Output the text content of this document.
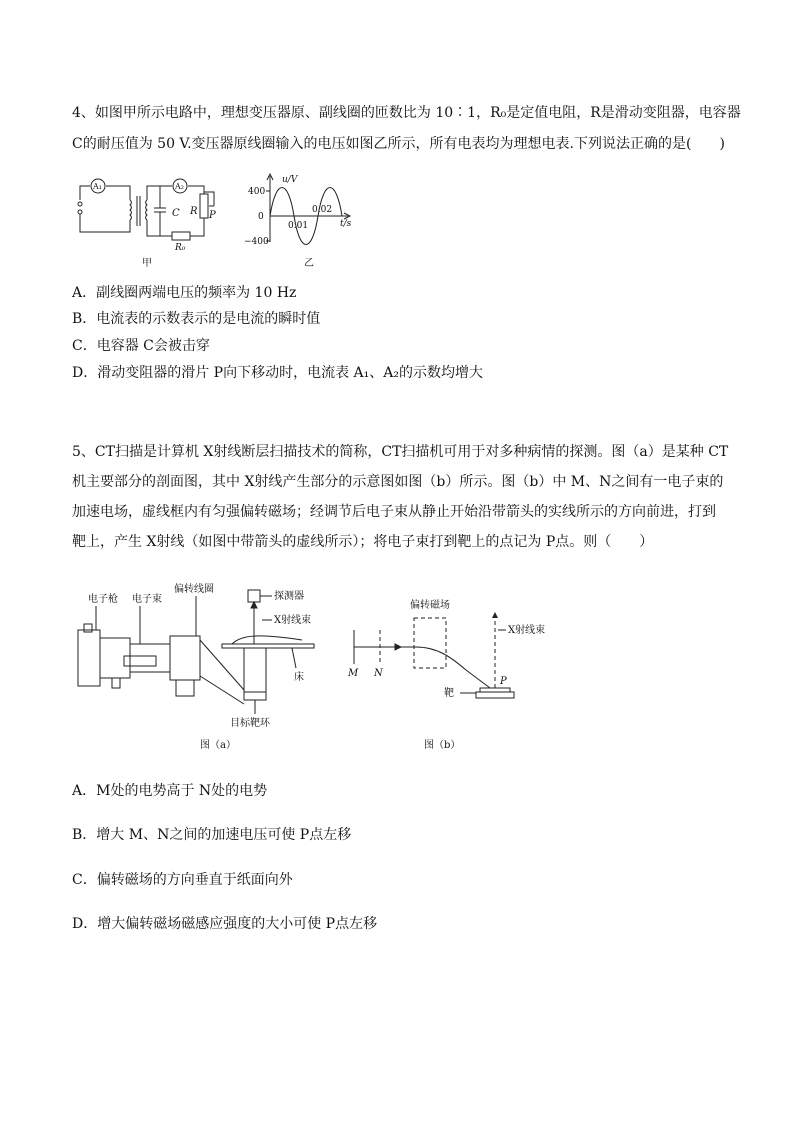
4、如图甲所示电路中，理想变压器原、副线圈的匝数比为 10∶1，R₀是定值电阻，R是滑动变阻器，电容器
C的耐压值为 50 V.变压器原线圈输入的电压如图乙所示，所有电表均为理想电表.下列说法正确的是(　　)
A₁	A₂
C R P
R₀
甲
u/V
t/s
400
−400
0
0.01
0.02
乙
A．副线圈两端电压的频率为 10 Hz
B．电流表的示数表示的是电流的瞬时值
C．电容器 C会被击穿
D．滑动变阻器的滑片 P向下移动时，电流表 A₁、A₂的示数均增大
5、CT扫描是计算机 X射线断层扫描技术的简称，CT扫描机可用于对多种病情的探测。图（a）是某种 CT
机主要部分的剖面图，其中 X射线产生部分的示意图如图（b）所示。图（b）中 M、N之间有一电子束的
加速电场，虚线框内有匀强偏转磁场；经调节后电子束从静止开始沿带箭头的实线所示的方向前进，打到
靶上，产生 X射线（如图中带箭头的虚线所示）；将电子束打到靶上的点记为 P点。则（　　）
电子枪 电子束
偏转线圈
探测器
X射线束
床
目标靶环
图（a）
偏转磁场
X射线束
M N
靶
P
图（b）
A．M处的电势高于 N处的电势
B．增大 M、N之间的加速电压可使 P点左移
C．偏转磁场的方向垂直于纸面向外
D．增大偏转磁场磁感应强度的大小可使 P点左移
